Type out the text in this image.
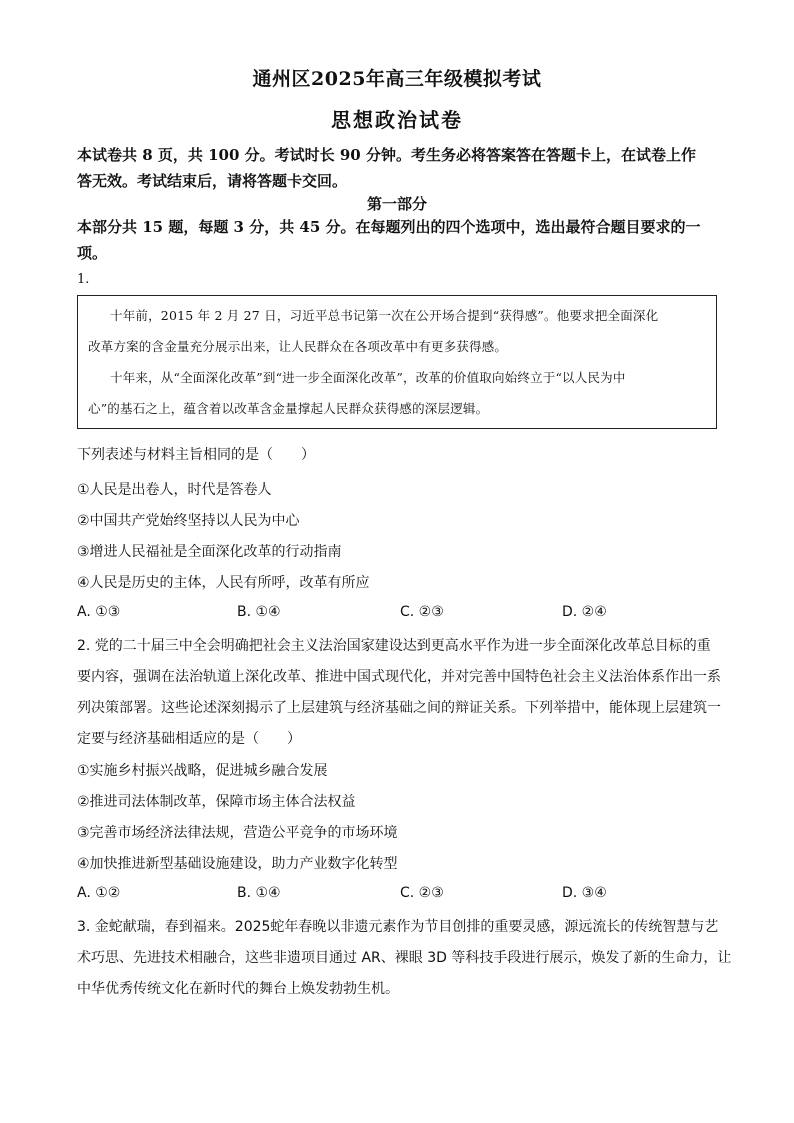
通州区2025年高三年级模拟考试
思想政治试卷
本试卷共 8 页，共 100 分。考试时长 90 分钟。考生务必将答案答在答题卡上，在试卷上作
答无效。考试结束后，请将答题卡交回。
第一部分
本部分共 15 题，每题 3 分，共 45 分。在每题列出的四个选项中，选出最符合题目要求的一
项。
1.
十年前，2015 年 2 月 27 日，习近平总书记第一次在公开场合提到“获得感”。他要求把全面深化
改革方案的含金量充分展示出来，让人民群众在各项改革中有更多获得感。
十年来，从“全面深化改革”到“进一步全面深化改革”，改革的价值取向始终立于“以人民为中
心”的基石之上，蕴含着以改革含金量撑起人民群众获得感的深层逻辑。
下列表述与材料主旨相同的是（　　）
①人民是出卷人，时代是答卷人
②中国共产党始终坚持以人民为中心
③增进人民福祉是全面深化改革的行动指南
④人民是历史的主体，人民有所呼，改革有所应
A. ①③	B. ①④	C. ②③	D. ②④
2. 党的二十届三中全会明确把社会主义法治国家建设达到更高水平作为进一步全面深化改革总目标的重
要内容，强调在法治轨道上深化改革、推进中国式现代化，并对完善中国特色社会主义法治体系作出一系
列决策部署。这些论述深刻揭示了上层建筑与经济基础之间的辩证关系。下列举措中，能体现上层建筑一
定要与经济基础相适应的是（　　）
①实施乡村振兴战略，促进城乡融合发展
②推进司法体制改革，保障市场主体合法权益
③完善市场经济法律法规，营造公平竞争的市场环境
④加快推进新型基础设施建设，助力产业数字化转型
A. ①②	B. ①④	C. ②③	D. ③④
3. 金蛇献瑞，春到福来。2025蛇年春晚以非遗元素作为节目创排的重要灵感，源远流长的传统智慧与艺
术巧思、先进技术相融合，这些非遗项目通过 AR、裸眼 3D 等科技手段进行展示，焕发了新的生命力，让
中华优秀传统文化在新时代的舞台上焕发勃勃生机。
